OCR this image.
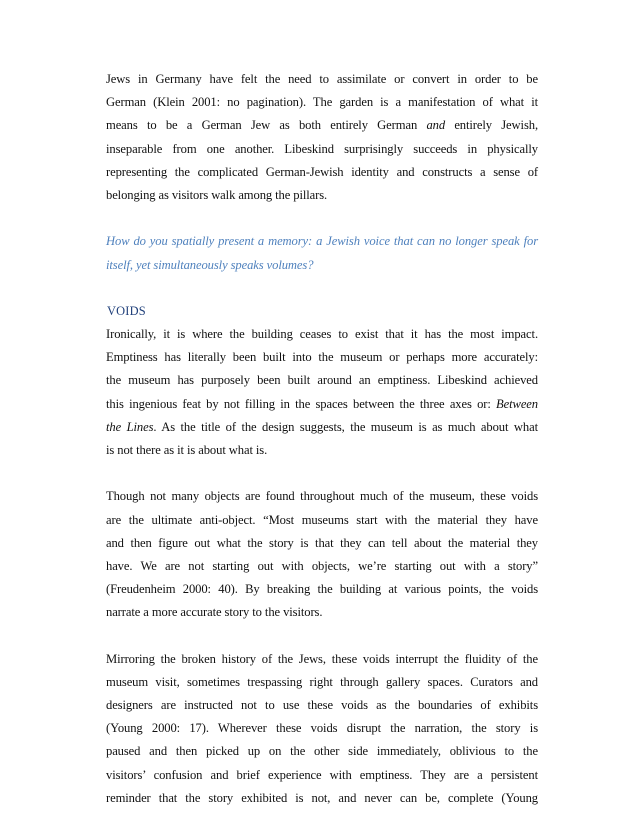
Jews in Germany have felt the need to assimilate or convert in order to be
German (Klein 2001: no pagination). The garden is a manifestation of what it
means to be a German Jew as both entirely German and entirely Jewish,
inseparable from one another. Libeskind surprisingly succeeds in physically
representing the complicated German-Jewish identity and constructs a sense of
belonging as visitors walk among the pillars.
How do you spatially present a memory: a Jewish voice that can no longer speak for
itself, yet simultaneously speaks volumes?
VOIDS
Ironically, it is where the building ceases to exist that it has the most impact.
Emptiness has literally been built into the museum or perhaps more accurately:
the museum has purposely been built around an emptiness. Libeskind achieved
this ingenious feat by not filling in the spaces between the three axes or: Between
the Lines. As the title of the design suggests, the museum is as much about what
is not there as it is about what is.
Though not many objects are found throughout much of the museum, these voids
are the ultimate anti-object. “Most museums start with the material they have
and then figure out what the story is that they can tell about the material they
have. We are not starting out with objects, we’re starting out with a story”
(Freudenheim 2000: 40). By breaking the building at various points, the voids
narrate a more accurate story to the visitors.
Mirroring the broken history of the Jews, these voids interrupt the fluidity of the
museum visit, sometimes trespassing right through gallery spaces. Curators and
designers are instructed not to use these voids as the boundaries of exhibits
(Young 2000: 17). Wherever these voids disrupt the narration, the story is
paused and then picked up on the other side immediately, oblivious to the
visitors’ confusion and brief experience with emptiness. They are a persistent
reminder that the story exhibited is not, and never can be, complete (Young
